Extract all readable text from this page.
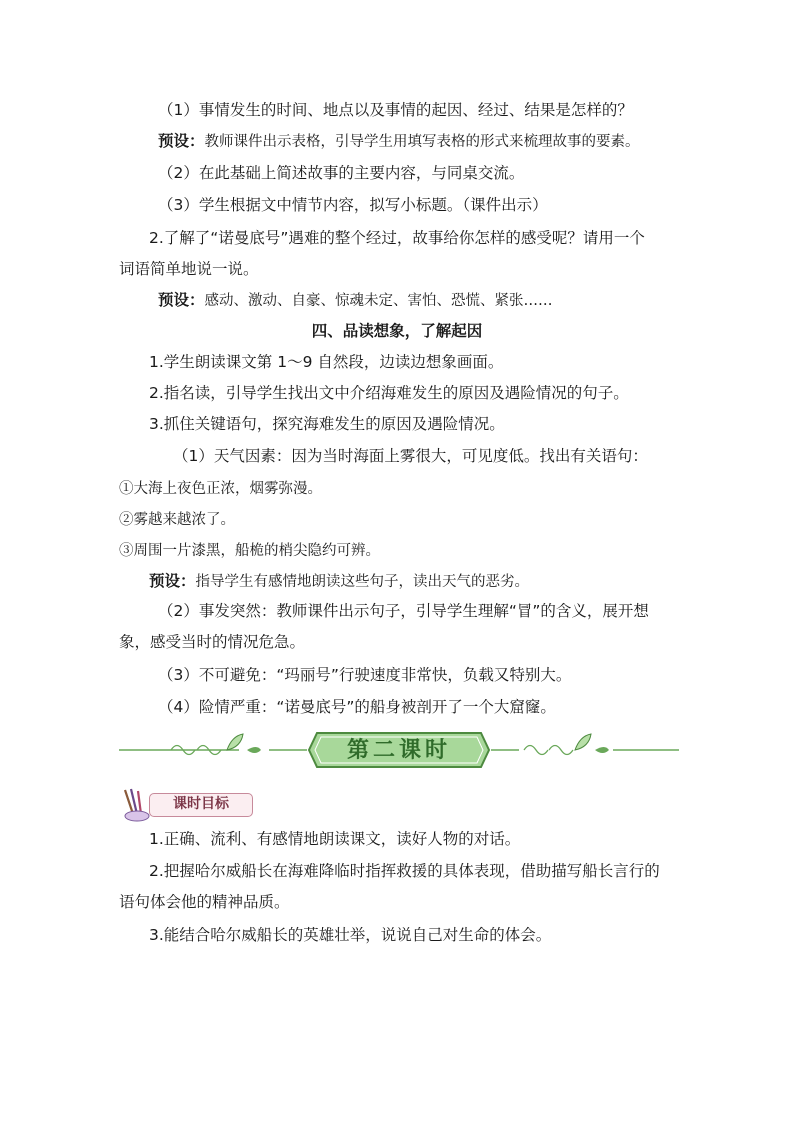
（1）事情发生的时间、地点以及事情的起因、经过、结果是怎样的？
预设：教师课件出示表格，引导学生用填写表格的形式来梳理故事的要素。
（2）在此基础上简述故事的主要内容，与同桌交流。
（3）学生根据文中情节内容，拟写小标题。（课件出示）
2.了解了“诺曼底号”遇难的整个经过，故事给你怎样的感受呢？请用一个
词语简单地说一说。
预设：感动、激动、自豪、惊魂未定、害怕、恐慌、紧张……
四、品读想象，了解起因
1.学生朗读课文第 1～9 自然段，边读边想象画面。
2.指名读，引导学生找出文中介绍海难发生的原因及遇险情况的句子。
3.抓住关键语句，探究海难发生的原因及遇险情况。
（1）天气因素：因为当时海面上雾很大，可见度低。找出有关语句：
①大海上夜色正浓，烟雾弥漫。
②雾越来越浓了。
③周围一片漆黑，船桅的梢尖隐约可辨。
预设：指导学生有感情地朗读这些句子，读出天气的恶劣。
（2）事发突然：教师课件出示句子，引导学生理解“冒”的含义，展开想
象，感受当时的情况危急。
（3）不可避免：“玛丽号”行驶速度非常快，负载又特别大。
（4）险情严重：“诺曼底号”的船身被剖开了一个大窟窿。
第二课时
课时目标
1.正确、流利、有感情地朗读课文，读好人物的对话。
2.把握哈尔威船长在海难降临时指挥救援的具体表现，借助描写船长言行的
语句体会他的精神品质。
3.能结合哈尔威船长的英雄壮举，说说自己对生命的体会。
